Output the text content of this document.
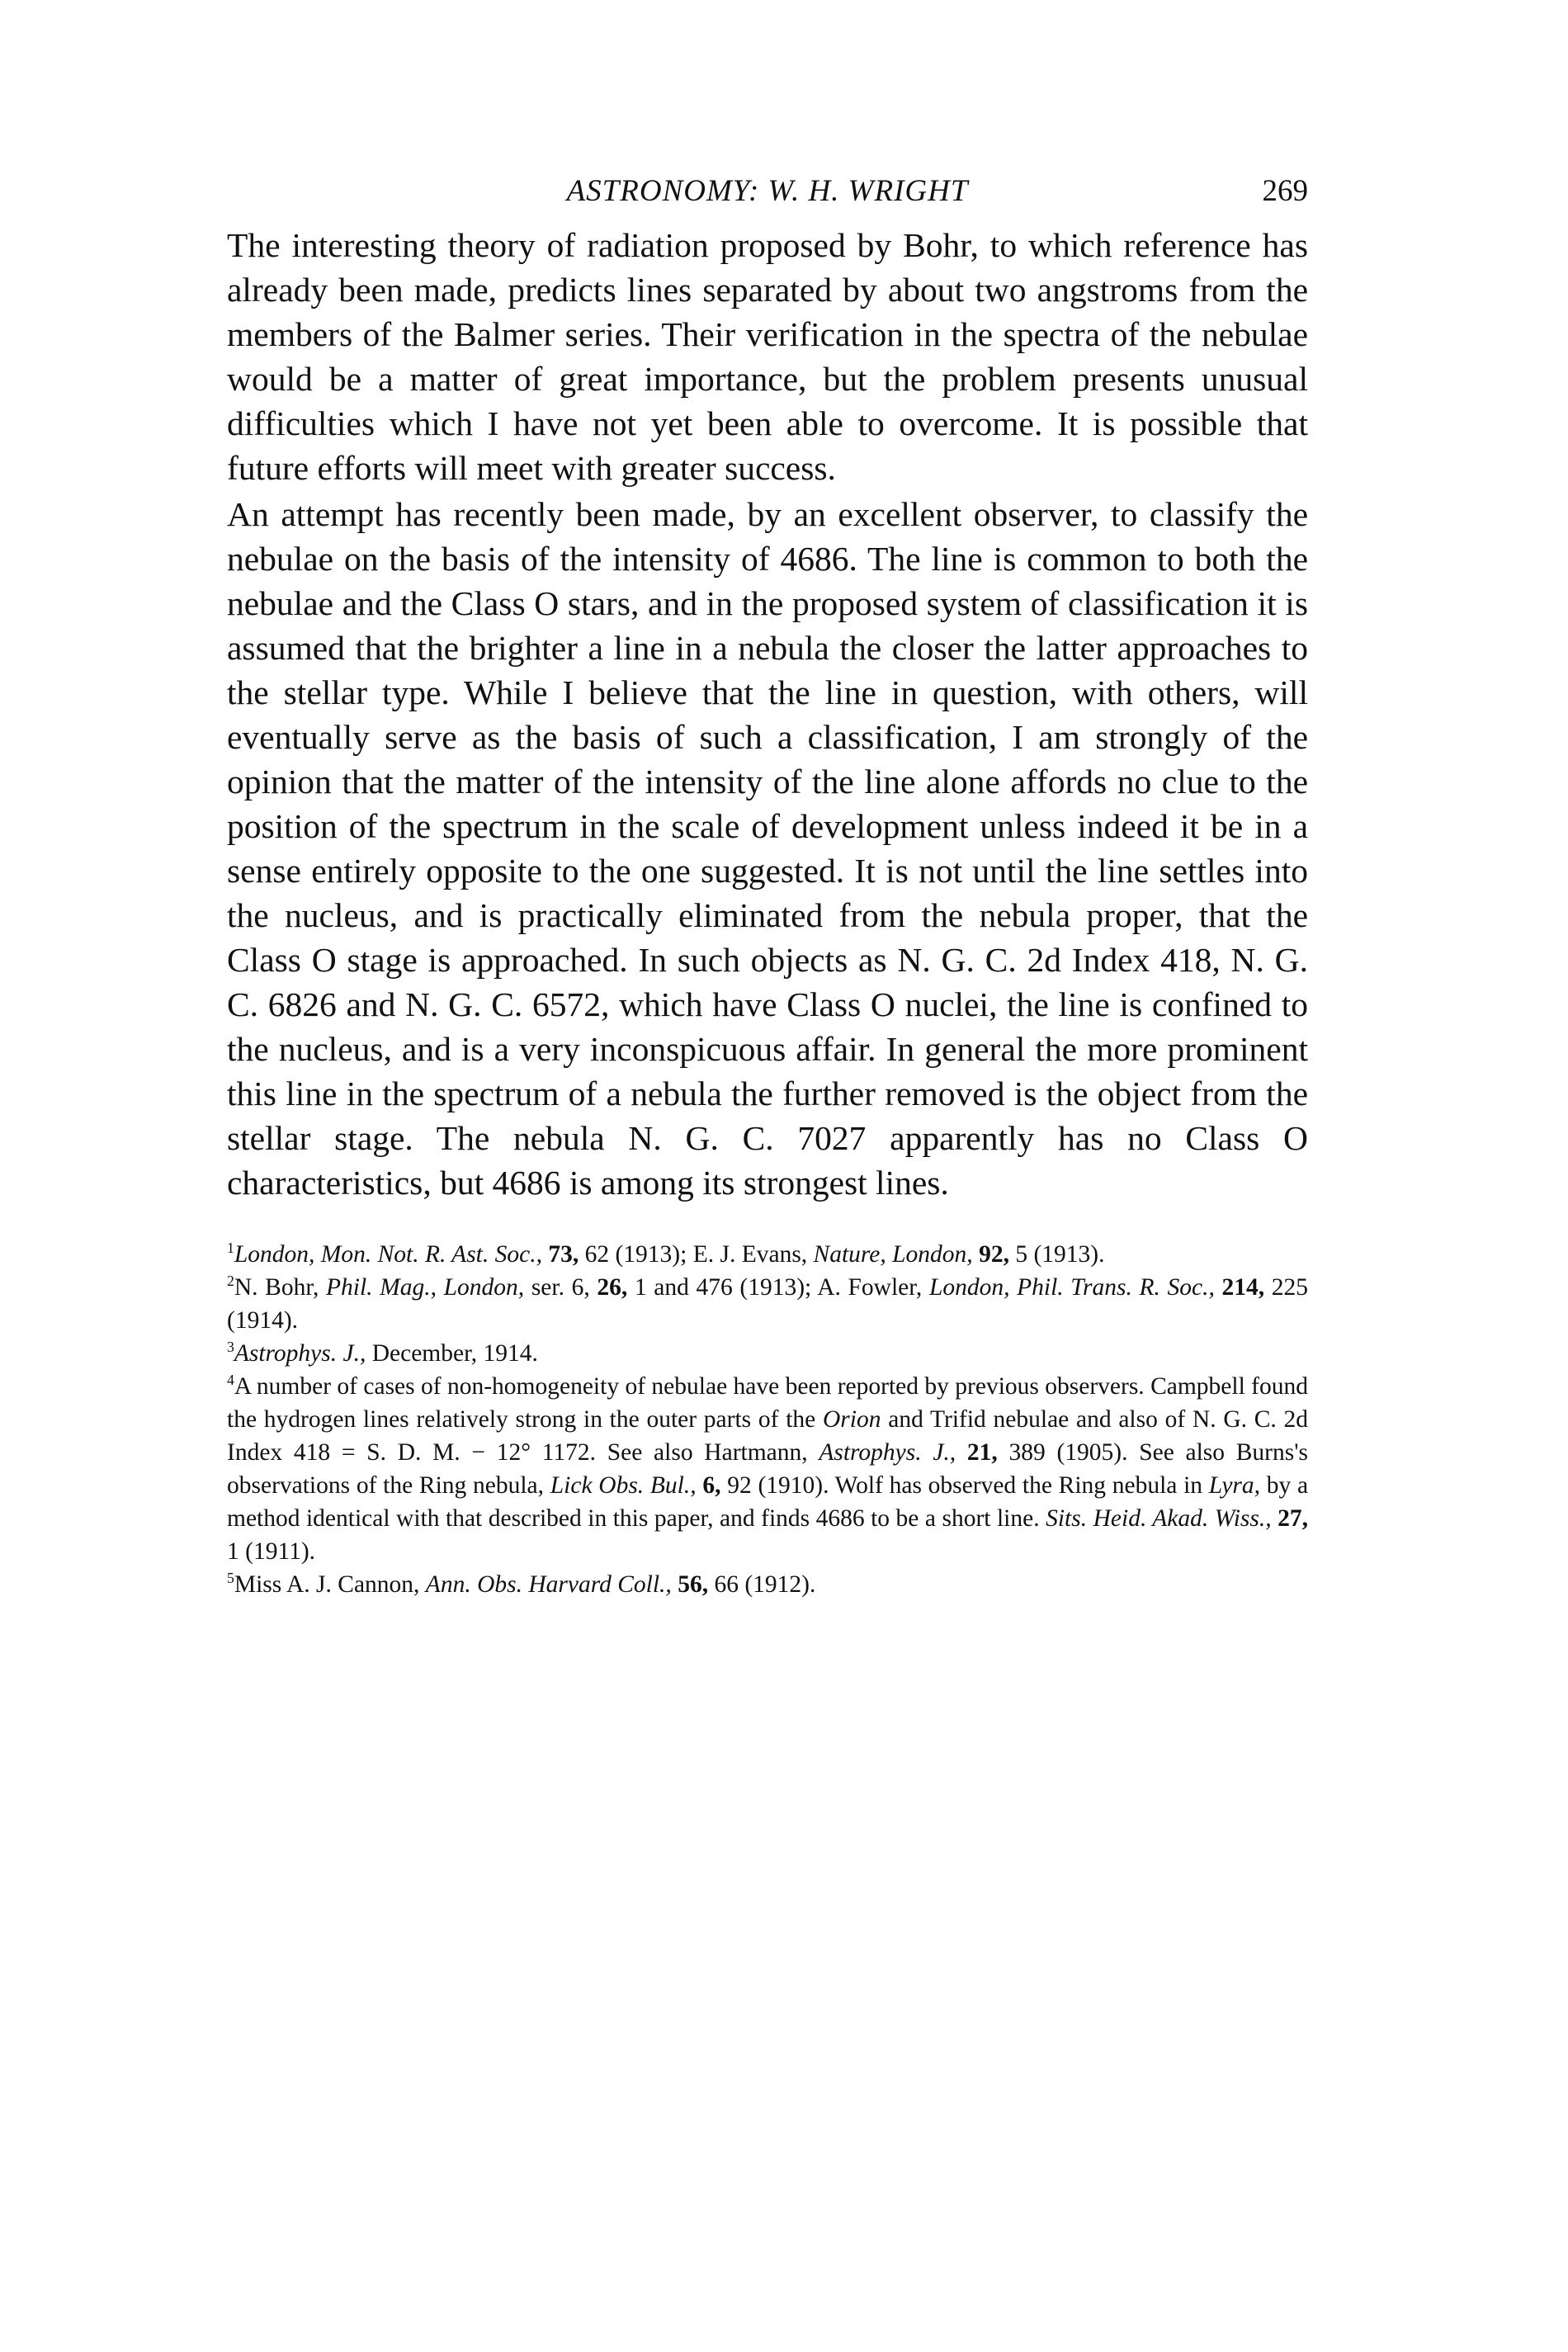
ASTRONOMY: W. H. WRIGHT	269

The interesting theory of radiation proposed by Bohr, to which reference has already been made, predicts lines separated by about two angstroms from the members of the Balmer series. Their verification in the spectra of the nebulae would be a matter of great importance, but the problem presents unusual difficulties which I have not yet been able to overcome. It is possible that future efforts will meet with greater success.

An attempt has recently been made, by an excellent observer, to classify the nebulae on the basis of the intensity of 4686. The line is common to both the nebulae and the Class O stars, and in the proposed system of classification it is assumed that the brighter a line in a nebula the closer the latter approaches to the stellar type. While I believe that the line in question, with others, will eventually serve as the basis of such a classification, I am strongly of the opinion that the matter of the intensity of the line alone affords no clue to the position of the spectrum in the scale of development unless indeed it be in a sense entirely opposite to the one suggested. It is not until the line settles into the nucleus, and is practically eliminated from the nebula proper, that the Class O stage is approached. In such objects as N. G. C. 2d Index 418, N. G. C. 6826 and N. G. C. 6572, which have Class O nuclei, the line is confined to the nucleus, and is a very inconspicuous affair. In general the more prominent this line in the spectrum of a nebula the further removed is the object from the stellar stage. The nebula N. G. C. 7027 apparently has no Class O characteristics, but 4686 is among its strongest lines.

$^1$London, Mon. Not. R. Ast. Soc., 73, 62 (1913); E. J. Evans, Nature, London, 92, 5 (1913).

$^2$N. Bohr, Phil. Mag., London, ser. 6, 26, 1 and 476 (1913); A. Fowler, London, Phil. Trans. R. Soc., 214, 225 (1914).

$^3$Astrophys. J., December, 1914.

$^4$A number of cases of non-homogeneity of nebulae have been reported by previous observers. Campbell found the hydrogen lines relatively strong in the outer parts of the Orion and Trifid nebulae and also of N. G. C. 2d Index 418 = S. D. M. − 12° 1172. See also Hartmann, Astrophys. J., 21, 389 (1905). See also Burns's observations of the Ring nebula, Lick Obs. Bul., 6, 92 (1910). Wolf has observed the Ring nebula in Lyra, by a method identical with that described in this paper, and finds 4686 to be a short line. Sits. Heid. Akad. Wiss., 27, 1 (1911).

$^5$Miss A. J. Cannon, Ann. Obs. Harvard Coll., 56, 66 (1912).
